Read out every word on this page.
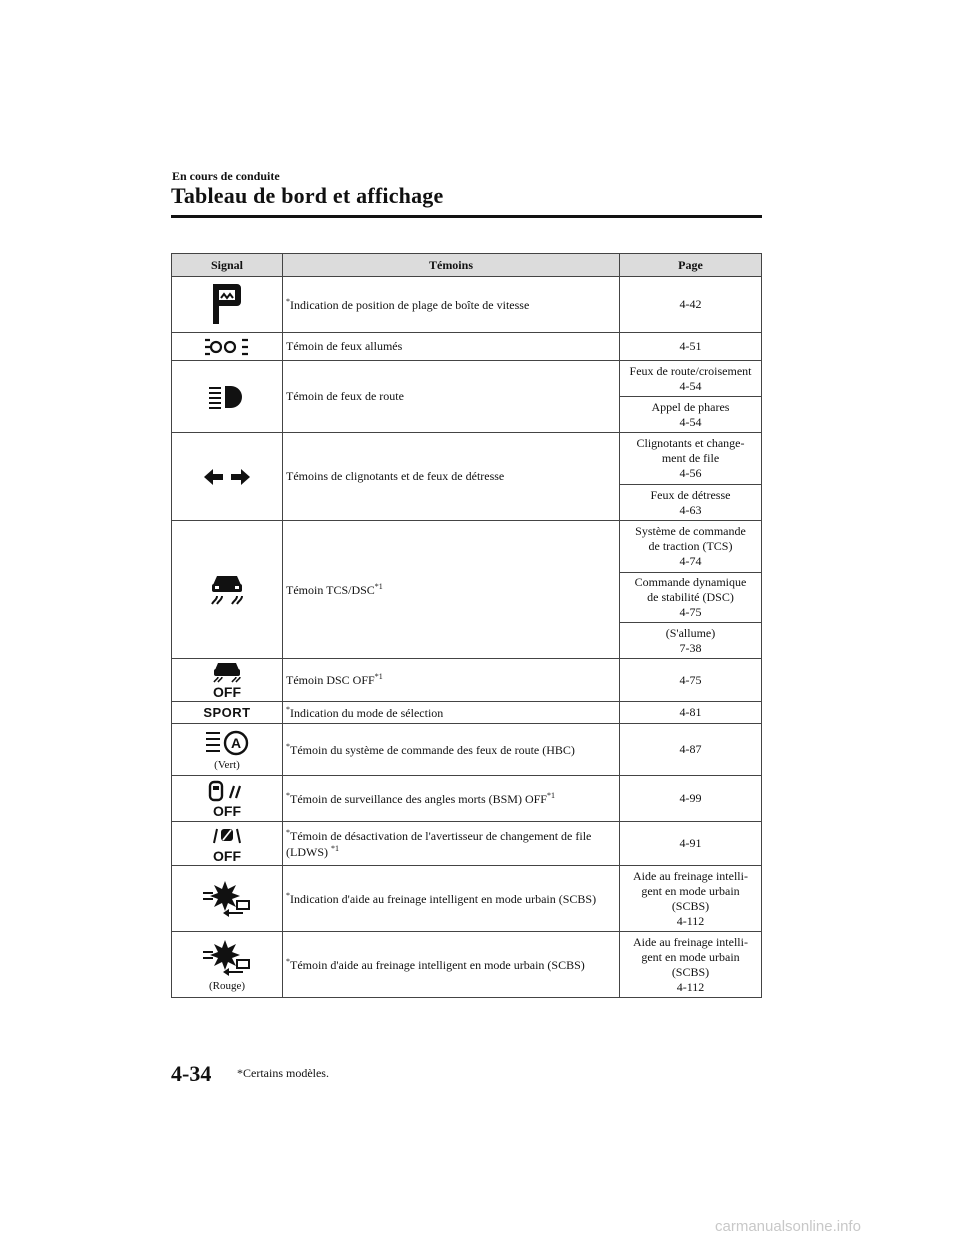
En cours de conduite
Tableau de bord et affichage
Signal	Témoins	Page

	*Indication de position de plage de boîte de vitesse	4-42

	Témoin de feux allumés	4-51

	Témoin de feux de route	Feux de route/croisement
4-54
		Appel de phares
4-54

	Témoins de clignotants et de feux de détresse	Clignotants et change-
ment de file
4-56
		Feux de détresse
4-63

	Témoin TCS/DSC$^{*1}$	Système de commande
de traction (TCS)
4-74
		Commande dynamique
de stabilité (DSC)
4-75
		(S'allume)
7-38

OFF	Témoin DSC OFF$^{*1}$	4-75
SPORT	*Indication du mode de sélection	4-81

A
(Vert)	*Témoin du système de commande des feux de route (HBC)	4-87

OFF	*Témoin de surveillance des angles morts (BSM) OFF$^{*1}$	4-99

OFF	*Témoin de désactivation de l'avertisseur de changement de file (LDWS) $^{*1}$	4-91

	*Indication d'aide au freinage intelligent en mode urbain (SCBS)	Aide au freinage intelli-
gent en mode urbain
(SCBS)
4-112

(Rouge)	*Témoin d'aide au freinage intelligent en mode urbain (SCBS)	Aide au freinage intelli-
gent en mode urbain
(SCBS)
4-112
4-34 *Certains modèles.
carmanualsonline.info
